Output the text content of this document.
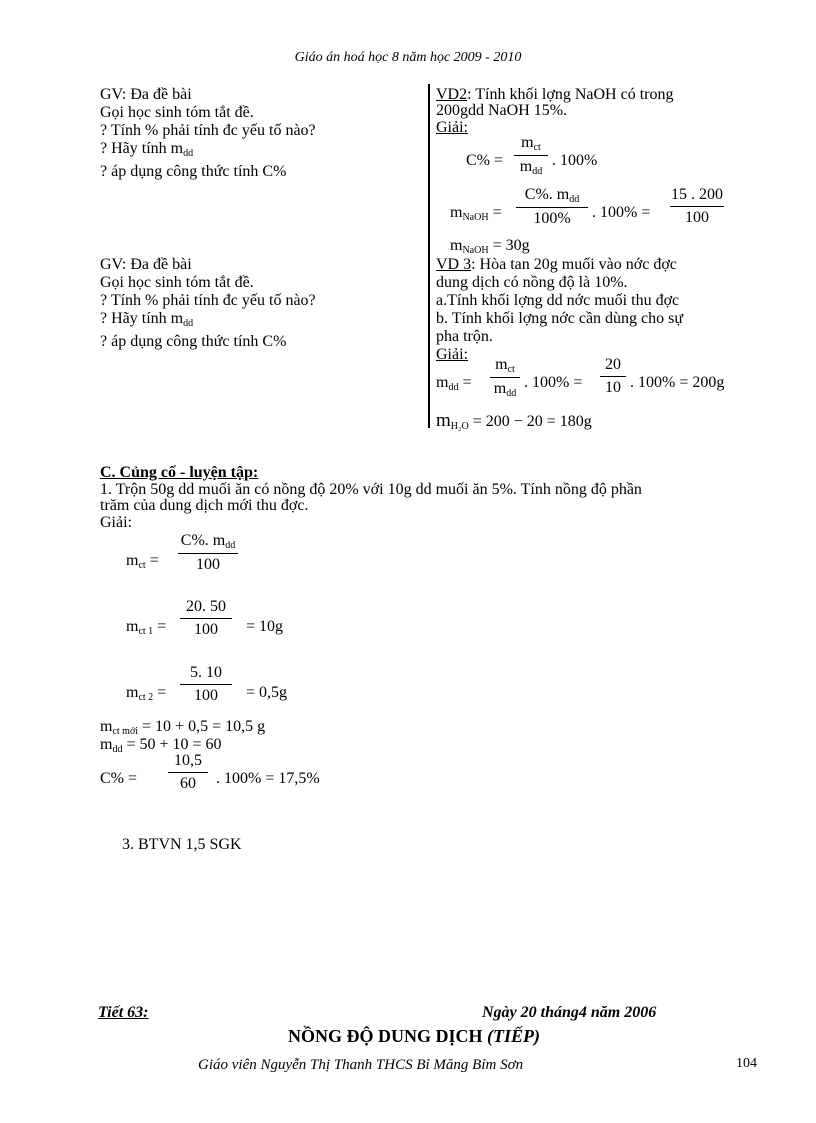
Giáo án hoá học 8 năm học 2009 - 2010
GV: Đa đề bài
Gọi học sinh tóm tắt đề.
? Tính % phải tính đc yếu tố nào?
? Hãy tính $m_{dd}$
? áp dụng công thức tính C%
GV: Đa đề bài
Gọi học sinh tóm tắt đề.
? Tính % phải tính đc yếu tố nào?
? Hãy tính $m_{dd}$
? áp dụng công thức tính C%
VD2: Tính khối lợng NaOH có trong
200gdd NaOH 15%.
Giải:
C% =
$m_{ct}$
$m_{dd}$
. 100%
$m_{NaOH}$ =
C%. $m_{dd}$
100%	. 100% =
15 . 200
100
$m_{NaOH} = 30g$
VD 3: Hòa tan 20g muối vào nớc đợc
dung dịch có nồng độ là 10%.
a.Tính khối lợng dd nớc muối thu đợc
b. Tính khối lợng nớc cần dùng cho sự
pha trộn.
Giải:
$m_{dd}$ =
$m_{ct}$
$m_{dd}$
. 100% =
20
10 . 100% = 200g
$m_{H_2O} = 200 - 20 = 180g$
C. Củng cố - luyện tập:
1. Trộn 50g dd muối ăn có nồng độ 20% với 10g dd muối ăn 5%. Tính nồng độ phần
trăm của dung dịch mới thu đợc.
Giải:
$m_{ct}$ =
C%. $m_{dd}$
100
$m_{ct 1}$ =
20. 50
100	= 10g
$m_{ct 2}$ =
5. 10
100	= 0,5g
$m_{ct mới} = 10 + 0,5 = 10,5$ g
$m_{dd} = 50 + 10 = 60$
C% =
10,5
60	. 100% = 17,5%
3. BTVN 1,5 SGK
Tiết 63:	Ngày 20 tháng4 năm 2006
NỒNG ĐỘ DUNG DỊCH (TIẾP)
Giáo viên Nguyễn Thị Thanh THCS Bỉ Măng Bỉm Sơn	104
